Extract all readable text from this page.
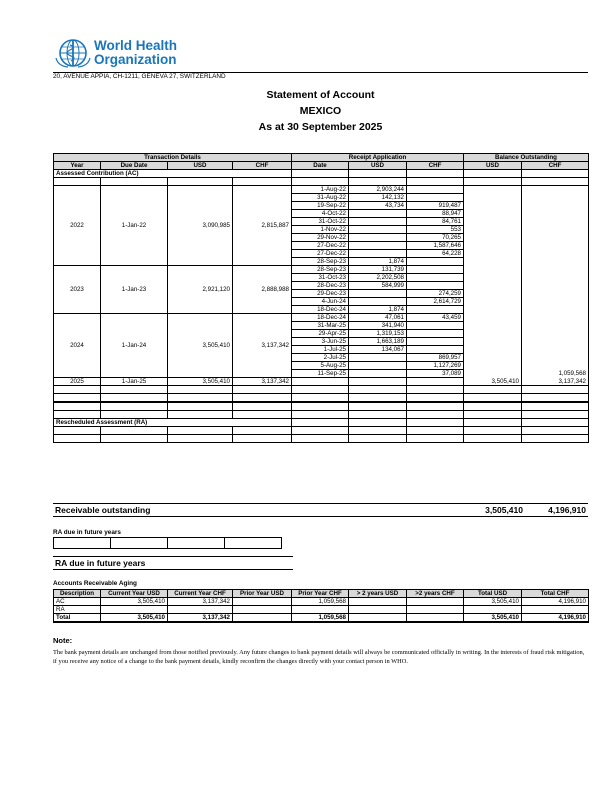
World Health
Organization
20, AVENUE APPIA, CH-1211, GENEVA 27, SWITZERLAND
Statement of Account
MEXICO
As at 30 September 2025
Transaction Details				Receipt Application			Balance Outstanding	
Year	Due Date	USD	CHF	Date	USD	CHF	USD	CHF
Assessed Contribution (AC)								

2022	1-Jan-22	3,090,985	2,815,887	1-Aug-22	2,903,244			
				31-Aug-22	142,132			
				19-Sep-22	43,734	919,487		
				4-Oct-22		88,947		
				31-Oct-22		84,761		
				1-Nov-22		553		
				29-Nov-22		70,265		
				27-Dec-22		1,587,646		
				27-Dec-22		64,228		
				28-Sep-23	1,874			
2023	1-Jan-23	2,921,120	2,888,988	28-Sep-23	131,739			
				31-Oct-23	2,202,508			
				28-Dec-23	584,999			
				29-Dec-23		274,259		
				4-Jun-24		2,614,729		
				18-Dec-24	1,874			
2024	1-Jan-24	3,505,410	3,137,342	18-Dec-24	47,061	43,459		
				31-Mar-25	341,940			
				29-Apr-25	1,319,153			
				3-Jun-25	1,663,189			
				1-Jul-25	134,067			
				2-Jul-25		869,957		
				5-Aug-25		1,127,269		
				11-Sep-25		37,089		1,059,568
2025	1-Jan-25	3,505,410	3,137,342				3,505,410	3,137,342

Rescheduled Assessment (RA)								

Receivable outstanding	3,505,410	4,196,910
RA due in future years

RA due in future years
Accounts Receivable Aging
Description	Current Year USD	Current Year CHF	Prior Year USD	Prior Year CHF	> 2 years USD	>2 years CHF	Total USD	Total CHF
AC	3,505,410	3,137,342		1,059,568			3,505,410	4,196,910
RA								
Total	3,505,410	3,137,342		1,059,568			3,505,410	4,196,910
Note:
The bank payment details are unchanged from those notified previously. Any future changes to bank payment details will always be communicated officially in writing. In the interests of fraud risk mitigation, if you receive any notice of a change to the bank payment details, kindly reconfirm the changes directly with your contact person in WHO.
